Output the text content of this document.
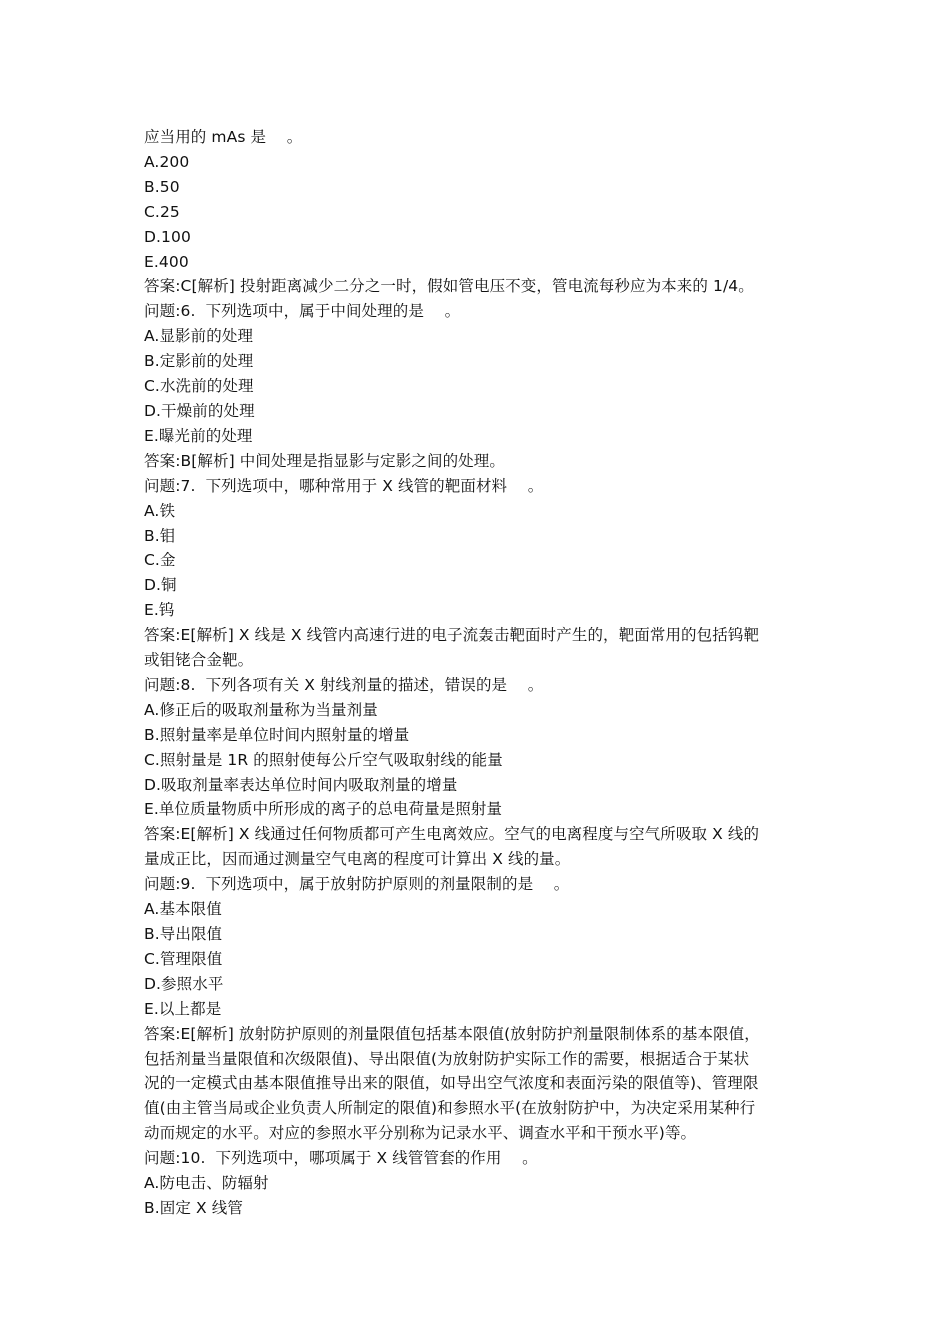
应当用的 mAs 是　 。
A.200
B.50
C.25
D.100
E.400
答案:C[解析] 投射距离减少二分之一时，假如管电压不变，管电流每秒应为本来的 1/4。
问题:6.  下列选项中，属于中间处理的是　 。
A.显影前的处理
B.定影前的处理
C.水洗前的处理
D.干燥前的处理
E.曝光前的处理
答案:B[解析] 中间处理是指显影与定影之间的处理。
问题:7.  下列选项中，哪种常用于 X 线管的靶面材料　 。
A.铁
B.钼
C.金
D.铜
E.钨
答案:E[解析] X 线是 X 线管内高速行进的电子流轰击靶面时产生的，靶面常用的包括钨靶
或钼铑合金靶。
问题:8.  下列各项有关 X 射线剂量的描述，错误的是　 。
A.修正后的吸取剂量称为当量剂量
B.照射量率是单位时间内照射量的增量
C.照射量是 1R 的照射使每公斤空气吸取射线的能量
D.吸取剂量率表达单位时间内吸取剂量的增量
E.单位质量物质中所形成的离子的总电荷量是照射量
答案:E[解析] X 线通过任何物质都可产生电离效应。空气的电离程度与空气所吸取 X 线的
量成正比，因而通过测量空气电离的程度可计算出 X 线的量。
问题:9.  下列选项中，属于放射防护原则的剂量限制的是　 。
A.基本限值
B.导出限值
C.管理限值
D.参照水平
E.以上都是
答案:E[解析] 放射防护原则的剂量限值包括基本限值(放射防护剂量限制体系的基本限值，
包括剂量当量限值和次级限值)、导出限值(为放射防护实际工作的需要，根据适合于某状
况的一定模式由基本限值推导出来的限值，如导出空气浓度和表面污染的限值等)、管理限
值(由主管当局或企业负责人所制定的限值)和参照水平(在放射防护中，为决定采用某种行
动而规定的水平。对应的参照水平分别称为记录水平、调查水平和干预水平)等。
问题:10.  下列选项中，哪项属于 X 线管管套的作用　 。
A.防电击、防辐射
B.固定 X 线管
